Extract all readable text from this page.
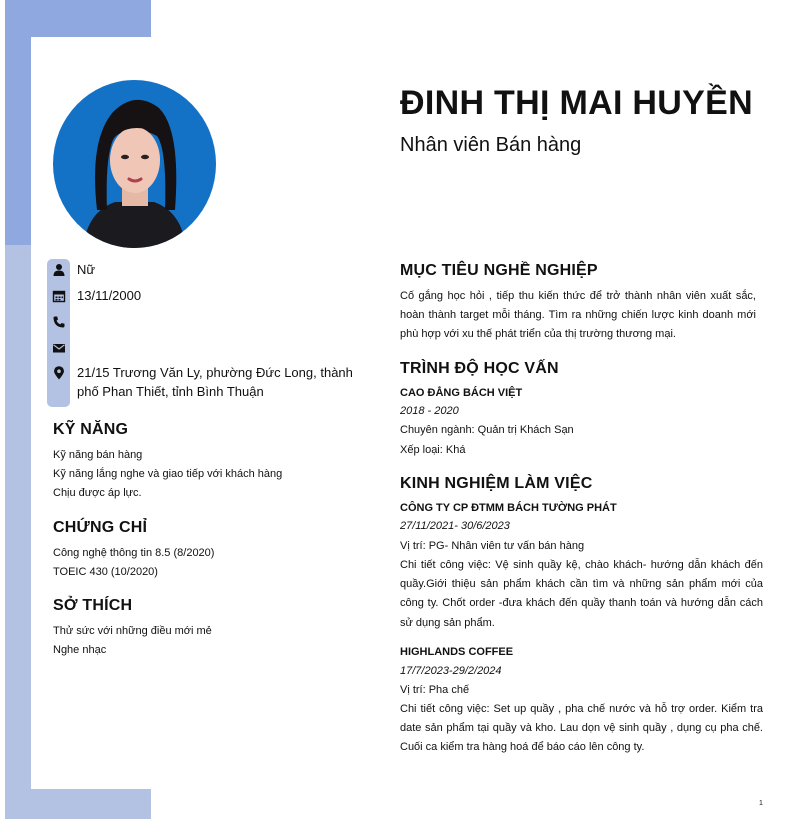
ĐINH THỊ MAI HUYỀN
Nhân viên Bán hàng
Nữ
13/11/2000
21/15 Trương Văn Ly, phường Đức Long, thành
phố Phan Thiết, tỉnh Bình Thuận
KỸ NĂNG
Kỹ năng bán hàng
Kỹ năng lắng nghe và giao tiếp với khách hàng
Chịu được áp lực.
CHỨNG CHỈ
Công nghệ thông tin 8.5 (8/2020)
TOEIC 430 (10/2020)
SỞ THÍCH
Thử sức với những điều mới mẻ
Nghe nhạc
MỤC TIÊU NGHỀ NGHIỆP
Cố gắng học hỏi , tiếp thu kiến thức để trở thành nhân viên xuất sắc, hoàn thành target mỗi tháng. Tìm ra những chiến lược kinh doanh mới phù hợp với xu thế phát triển của thị trường thương mại.
TRÌNH ĐỘ HỌC VẤN
CAO ĐẲNG BÁCH VIỆT
2018 - 2020
Chuyên ngành: Quản trị Khách Sạn
Xếp loại: Khá
KINH NGHIỆM LÀM VIỆC
CÔNG TY CP ĐTMM BÁCH TƯỜNG PHÁT
27/11/2021- 30/6/2023
Vị trí: PG- Nhân viên tư vấn bán hàng
Chi tiết công việc: Vệ sinh quầy kệ, chào khách- hướng dẫn khách đến quầy.Giới thiệu sản phẩm khách cần tìm và những sản phẩm mới của công ty. Chốt order -đưa khách đến quầy thanh toán và hướng dẫn cách sử dụng sản phẩm.
HIGHLANDS COFFEE
17/7/2023-29/2/2024
Vị trí: Pha chế
Chi tiết công việc: Set up quầy , pha chế nước và hỗ trợ order. Kiểm tra date sản phẩm tại quầy và kho. Lau dọn vệ sinh quầy , dụng cụ pha chế. Cuối ca kiểm tra hàng hoá để báo cáo lên công ty.
1
